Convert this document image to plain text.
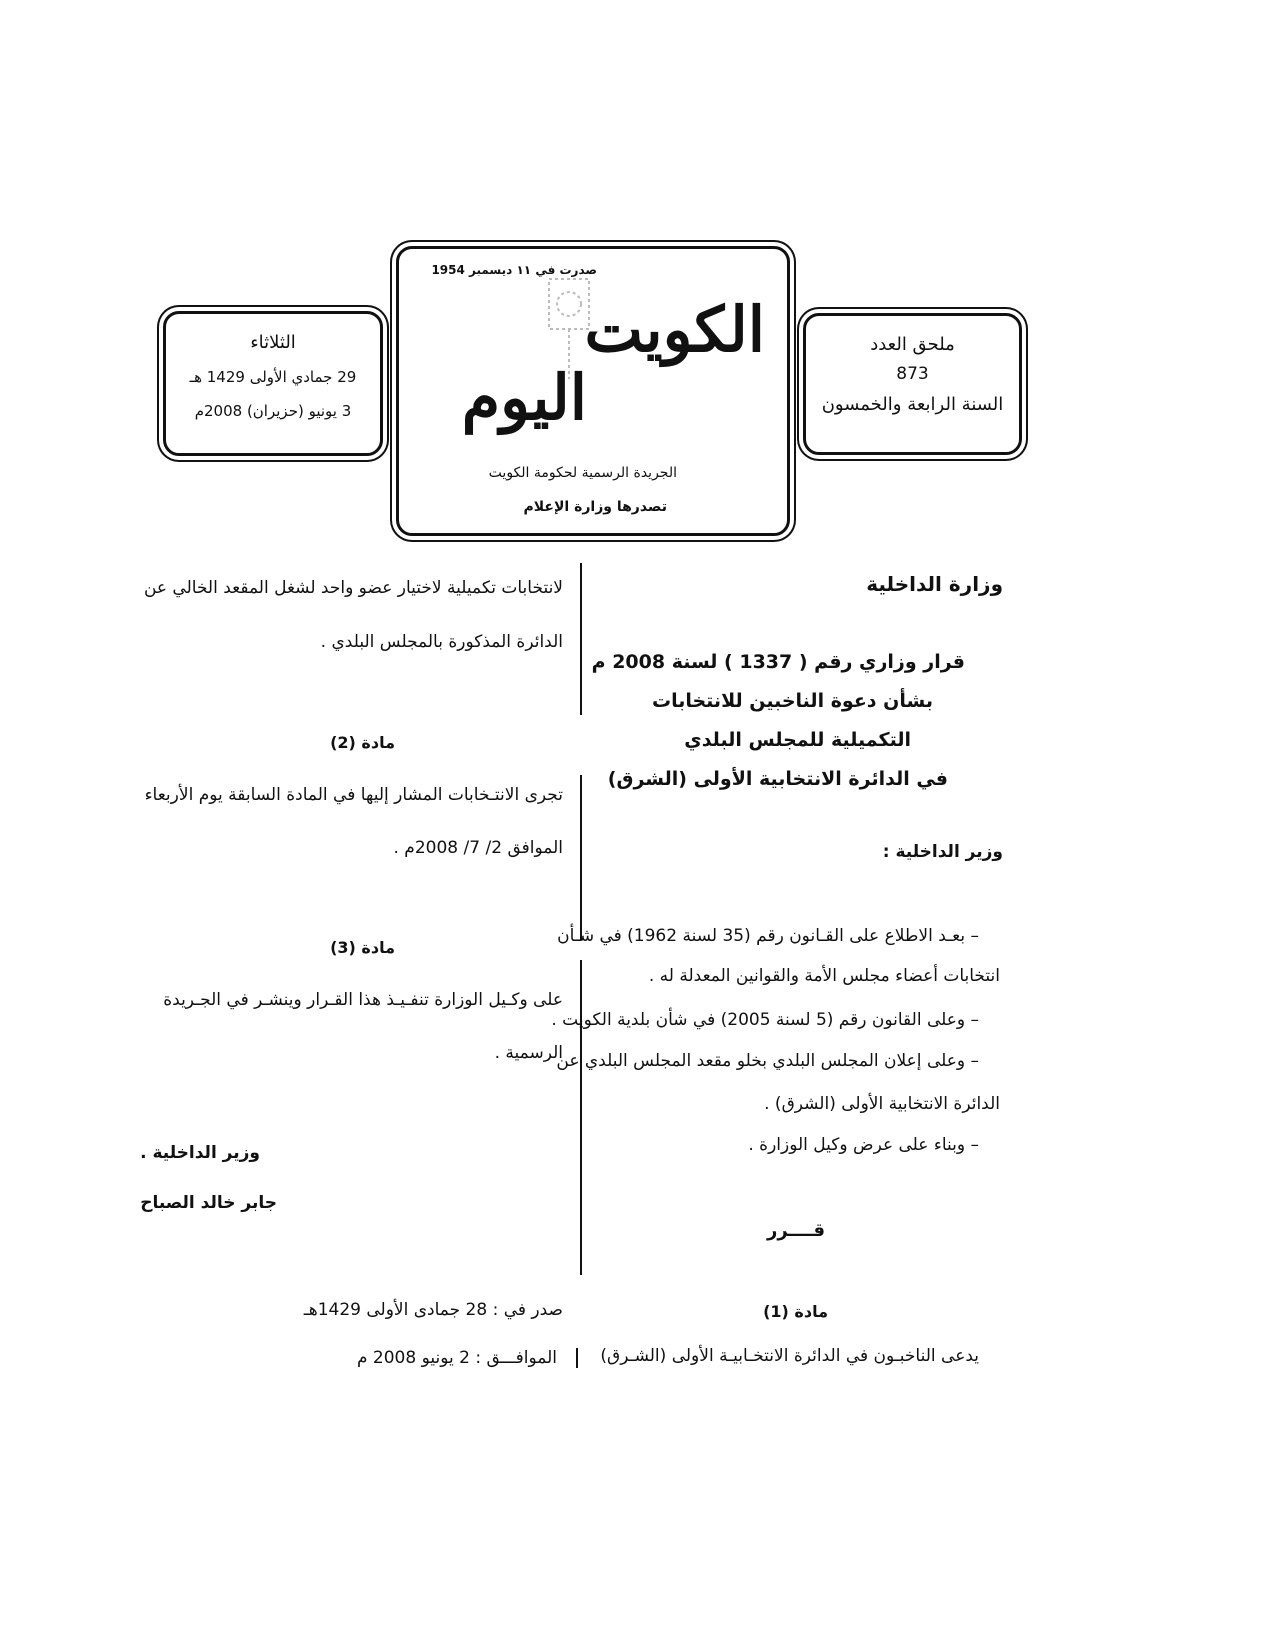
الثلاثاء
29 جمادي الأولى 1429 هـ
3 يونيو (حزيران) 2008م
صدرت في ١١ ديسمبر 1954
الكويت
اليوم
الجريدة الرسمية لحكومة الكويت
تصدرها وزارة الإعلام
ملحق العدد
873
السنة الرابعة والخمسون
وزارة الداخلية
قرار وزاري رقم ( 1337 ) لسنة 2008 م
بشأن دعوة الناخبين للانتخابات
التكميلية للمجلس البلدي
في الدائرة الانتخابية الأولى (الشرق)
وزير الداخلية :
– بعـد الاطلاع على القـانون رقم (35 لسنة 1962) في شـأن
انتخابات أعضاء مجلس الأمة والقوانين المعدلة له .
– وعلى القانون رقم (5 لسنة 2005) في شأن بلدية الكويت .
– وعلى إعلان المجلس البلدي بخلو مقعد المجلس البلدي عن
الدائرة الانتخابية الأولى (الشرق) .
– وبناء على عرض وكيل الوزارة .
قــــرر
مادة (1)
يدعى الناخبـون في الدائرة الانتخـابيـة الأولى (الشـرق)
لانتخابات تكميلية لاختيار عضو واحد لشغل المقعد الخالي عن
الدائرة المذكورة بالمجلس البلدي .
مادة (2)
تجرى الانتـخابات المشار إليها في المادة السابقة يوم الأربعاء
الموافق 2/ 7/ 2008م .
مادة (3)
على وكـيل الوزارة تنفـيـذ هذا القـرار وينشـر في الجـريدة
الرسمية .
وزير الداخلية .
جابر خالد الصباح
صدر في : 28 جمادى الأولى 1429هـ
الموافـــق : 2 يونيو 2008 م
